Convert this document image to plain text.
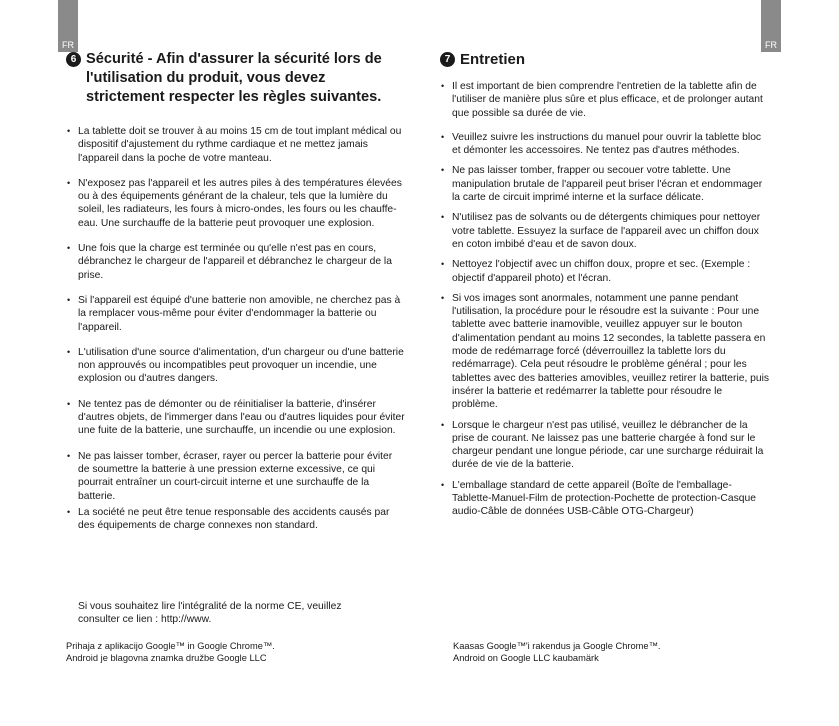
FR	FR
6 Sécurité - Afin d'assurer la sécurité lors de l'utilisation du produit, vous devez strictement respecter les règles suivantes.
• La tablette doit se trouver à au moins 15 cm de tout implant médical ou dispositif d'ajustement du rythme cardiaque et ne mettez jamais l'appareil dans la poche de votre manteau.
• N'exposez pas l'appareil et les autres piles à des températures élevées ou à des équipements générant de la chaleur, tels que la lumière du soleil, les radiateurs, les fours à micro-ondes, les fours ou les chauffe-eau. Une surchauffe de la batterie peut provoquer une explosion.
• Une fois que la charge est terminée ou qu'elle n'est pas en cours, débranchez le chargeur de l'appareil et débranchez le chargeur de la prise.
• Si l'appareil est équipé d'une batterie non amovible, ne cherchez pas à la remplacer vous-même pour éviter d'endommager la batterie ou l'appareil.
• L'utilisation d'une source d'alimentation, d'un chargeur ou d'une batterie non approuvés ou incompatibles peut provoquer un incendie, une explosion ou d'autres dangers.
• Ne tentez pas de démonter ou de réinitialiser la batterie, d'insérer d'autres objets, de l'immerger dans l'eau ou d'autres liquides pour éviter une fuite de la batterie, une surchauffe, un incendie ou une explosion.
• Ne pas laisser tomber, écraser, rayer ou percer la batterie pour éviter de soumettre la batterie à une pression externe excessive, ce qui pourrait entraîner un court-circuit interne et une surchauffe de la batterie.
• La société ne peut être tenue responsable des accidents causés par des équipements de charge connexes non standard.
Si vous souhaitez lire l'intégralité de la norme CE, veuillez
consulter ce lien : http://www.
7 Entretien
• Il est important de bien comprendre l'entretien de la tablette afin de l'utiliser de manière plus sûre et plus efficace, et de prolonger autant que possible sa durée de vie.
• Veuillez suivre les instructions du manuel pour ouvrir la tablette bloc et démonter les accessoires. Ne tentez pas d'autres méthodes.
• Ne pas laisser tomber, frapper ou secouer votre tablette. Une manipulation brutale de l'appareil peut briser l'écran et endommager la carte de circuit imprimé interne et la surface délicate.
• N'utilisez pas de solvants ou de détergents chimiques pour nettoyer votre tablette. Essuyez la surface de l'appareil avec un chiffon doux en coton imbibé d'eau et de savon doux.
• Nettoyez l'objectif avec un chiffon doux, propre et sec. (Exemple : objectif d'appareil photo) et l'écran.
• Si vos images sont anormales, notamment une panne pendant l'utilisation, la procédure pour le résoudre est la suivante : Pour une tablette avec batterie inamovible, veuillez appuyer sur le bouton d'alimentation pendant au moins 12 secondes, la tablette passera en mode de redémarrage forcé (déverrouillez la tablette lors du redémarrage). Cela peut résoudre le problème général ; pour les tablettes avec des batteries amovibles, veuillez retirer la batterie, puis insérer la batterie et redémarrer la tablette pour résoudre le problème.
• Lorsque le chargeur n'est pas utilisé, veuillez le débrancher de la prise de courant. Ne laissez pas une batterie chargée à fond sur le chargeur pendant une longue période, car une surcharge réduirait la durée de vie de la batterie.
• L'emballage standard de cette appareil (Boîte de l'emballage-Tablette-Manuel-Film de protection-Pochette de protection-Casque audio-Câble de données USB-Câble OTG-Chargeur)
Prihaja z aplikacijo Google™ in Google Chrome™.
Android je blagovna znamka družbe Google LLC
Kaasas Google™'i rakendus ja Google Chrome™.
Android on Google LLC kaubamärk
